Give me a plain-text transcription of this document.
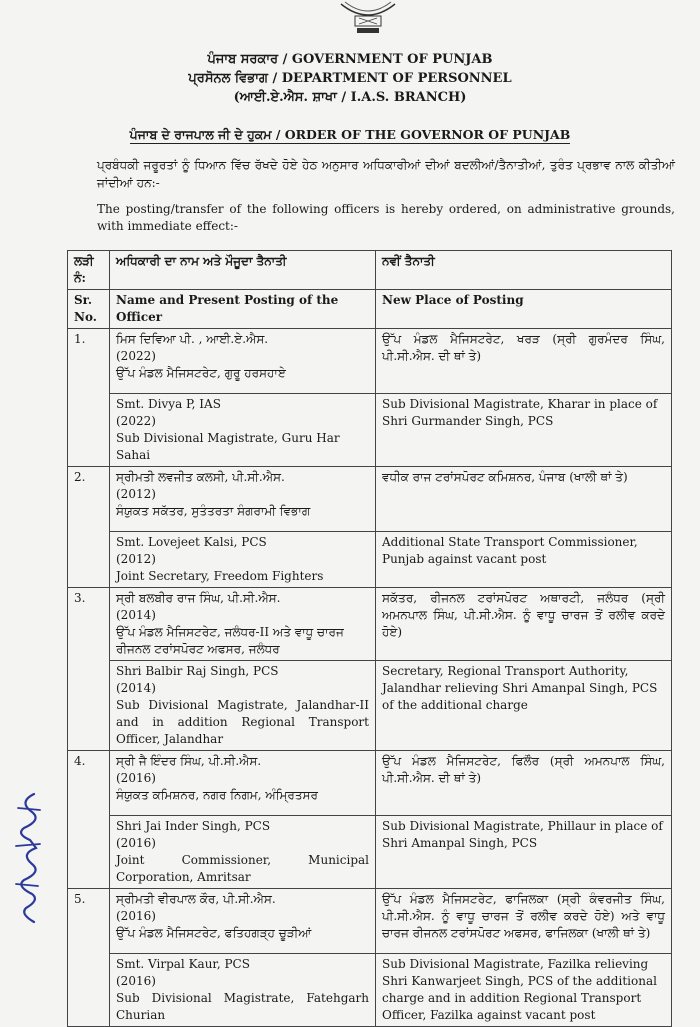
ਪੰਜਾਬ ਸਰਕਾਰ / GOVERNMENT OF PUNJAB
ਪ੍ਰਸੋਨਲ ਵਿਭਾਗ / DEPARTMENT OF PERSONNEL
(ਆਈ.ਏ.ਐਸ. ਸ਼ਾਖਾ / I.A.S. BRANCH)
ਪੰਜਾਬ ਦੇ ਰਾਜਪਾਲ ਜੀ ਦੇ ਹੁਕਮ / ORDER OF THE GOVERNOR OF PUNJAB
ਪ੍ਰਬੰਧਕੀ ਜਰੂਰਤਾਂ ਨੂੰ ਧਿਆਨ ਵਿੱਚ ਰੱਖਦੇ ਹੋਏ ਹੇਠ ਅਨੁਸਾਰ ਅਧਿਕਾਰੀਆਂ ਦੀਆਂ ਬਦਲੀਆਂ/ਤੈਨਾਤੀਆਂ, ਤੁਰੰਤ ਪ੍ਰਭਾਵ ਨਾਲ ਕੀਤੀਆਂ ਜਾਂਦੀਆਂ ਹਨ:-
The posting/transfer of the following officers is hereby ordered, on administrative grounds, with immediate effect:-
ਲੜੀ ਨੰ:	ਅਧਿਕਾਰੀ ਦਾ ਨਾਮ ਅਤੇ ਮੌਜੂਦਾ ਤੈਨਾਤੀ	ਨਵੀਂ ਤੈਨਾਤੀ
Sr. No.	Name and Present Posting of the Officer	New Place of Posting
1.	ਮਿਸ ਦਿਵਿਆ ਪੀ. , ਆਈ.ਏ.ਐਸ.
(2022)
ਉੱਪ ਮੰਡਲ ਮੈਜਿਸਟਰੇਟ, ਗੁਰੂ ਹਰਸਹਾਏ	ਉੱਪ ਮੰਡਲ ਮੈਜਿਸਟਰੇਟ, ਖਰੜ (ਸ੍ਰੀ ਗੁਰਮੰਦਰ ਸਿੰਘ, ਪੀ.ਸੀ.ਐਸ. ਦੀ ਥਾਂ ਤੇ)

	Smt. Divya P, IAS
(2022)
Sub Divisional Magistrate, Guru Har Sahai	Sub Divisional Magistrate, Kharar in place of Shri Gurmander Singh, PCS
2.	ਸ੍ਰੀਮਤੀ ਲਵਜੀਤ ਕਲਸੀ, ਪੀ.ਸੀ.ਐਸ.
(2012)
ਸੰਯੁਕਤ ਸਕੱਤਰ, ਸੁਤੰਤਰਤਾ ਸੰਗਰਾਮੀ ਵਿਭਾਗ	ਵਧੀਕ ਰਾਜ ਟਰਾਂਸਪੋਰਟ ਕਮਿਸ਼ਨਰ, ਪੰਜਾਬ (ਖਾਲੀ ਥਾਂ ਤੇ)

	Smt. Lovejeet Kalsi, PCS
(2012)
Joint Secretary, Freedom Fighters	Additional State Transport Commissioner, Punjab against vacant post
3.	ਸ੍ਰੀ ਬਲਬੀਰ ਰਾਜ ਸਿੰਘ, ਪੀ.ਸੀ.ਐਸ.
(2014)
ਉੱਪ ਮੰਡਲ ਮੈਜਿਸਟਰੇਟ, ਜਲੰਧਰ-II ਅਤੇ ਵਾਧੂ ਚਾਰਜ ਰੀਜਨਲ ਟਰਾਂਸਪੋਰਟ ਅਫਸਰ, ਜਲੰਧਰ	ਸਕੱਤਰ, ਰੀਜਨਲ ਟਰਾਂਸਪੋਰਟ ਅਥਾਰਟੀ, ਜਲੰਧਰ (ਸ੍ਰੀ ਅਮਨਪਾਲ ਸਿੰਘ, ਪੀ.ਸੀ.ਐਸ. ਨੂੰ ਵਾਧੂ ਚਾਰਜ ਤੋਂ ਰਲੀਵ ਕਰਦੇ ਹੋਏ)

	Shri Balbir Raj Singh, PCS
(2014)
Sub Divisional Magistrate, Jalandhar-II and in addition Regional Transport Officer, Jalandhar	Secretary, Regional Transport Authority, Jalandhar relieving Shri Amanpal Singh, PCS of the additional charge
4.	ਸ੍ਰੀ ਜੈ ਇੰਦਰ ਸਿੰਘ, ਪੀ.ਸੀ.ਐਸ.
(2016)
ਸੰਯੁਕਤ ਕਮਿਸ਼ਨਰ, ਨਗਰ ਨਿਗਮ, ਅੰਮ੍ਰਿਤਸਰ	ਉੱਪ ਮੰਡਲ ਮੈਜਿਸਟਰੇਟ, ਫਿਲੌਰ (ਸ੍ਰੀ ਅਮਨਪਾਲ ਸਿੰਘ, ਪੀ.ਸੀ.ਐਸ. ਦੀ ਥਾਂ ਤੇ)

	Shri Jai Inder Singh, PCS
(2016)
Joint Commissioner, Municipal Corporation, Amritsar	Sub Divisional Magistrate, Phillaur in place of Shri Amanpal Singh, PCS
5.	ਸ੍ਰੀਮਤੀ ਵੀਰਪਾਲ ਕੌਰ, ਪੀ.ਸੀ.ਐਸ.
(2016)
ਉੱਪ ਮੰਡਲ ਮੈਜਿਸਟਰੇਟ, ਫਤਿਹਗੜ੍ਹ ਚੂੜੀਆਂ	ਉੱਪ ਮੰਡਲ ਮੈਜਿਸਟਰੇਟ, ਫਾਜਿਲਕਾ (ਸ੍ਰੀ ਕੰਵਰਜੀਤ ਸਿੰਘ, ਪੀ.ਸੀ.ਐਸ. ਨੂੰ ਵਾਧੂ ਚਾਰਜ ਤੋਂ ਰਲੀਵ ਕਰਦੇ ਹੋਏ) ਅਤੇ ਵਾਧੂ ਚਾਰਜ ਰੀਜਨਲ ਟਰਾਂਸਪੋਰਟ ਅਫਸਰ, ਫਾਜਿਲਕਾ (ਖਾਲੀ ਥਾਂ ਤੇ)

	Smt. Virpal Kaur, PCS
(2016)
Sub Divisional Magistrate, Fatehgarh Churian	Sub Divisional Magistrate, Fazilka relieving Shri Kanwarjeet Singh, PCS of the additional charge and in addition Regional Transport Officer, Fazilka against vacant post
